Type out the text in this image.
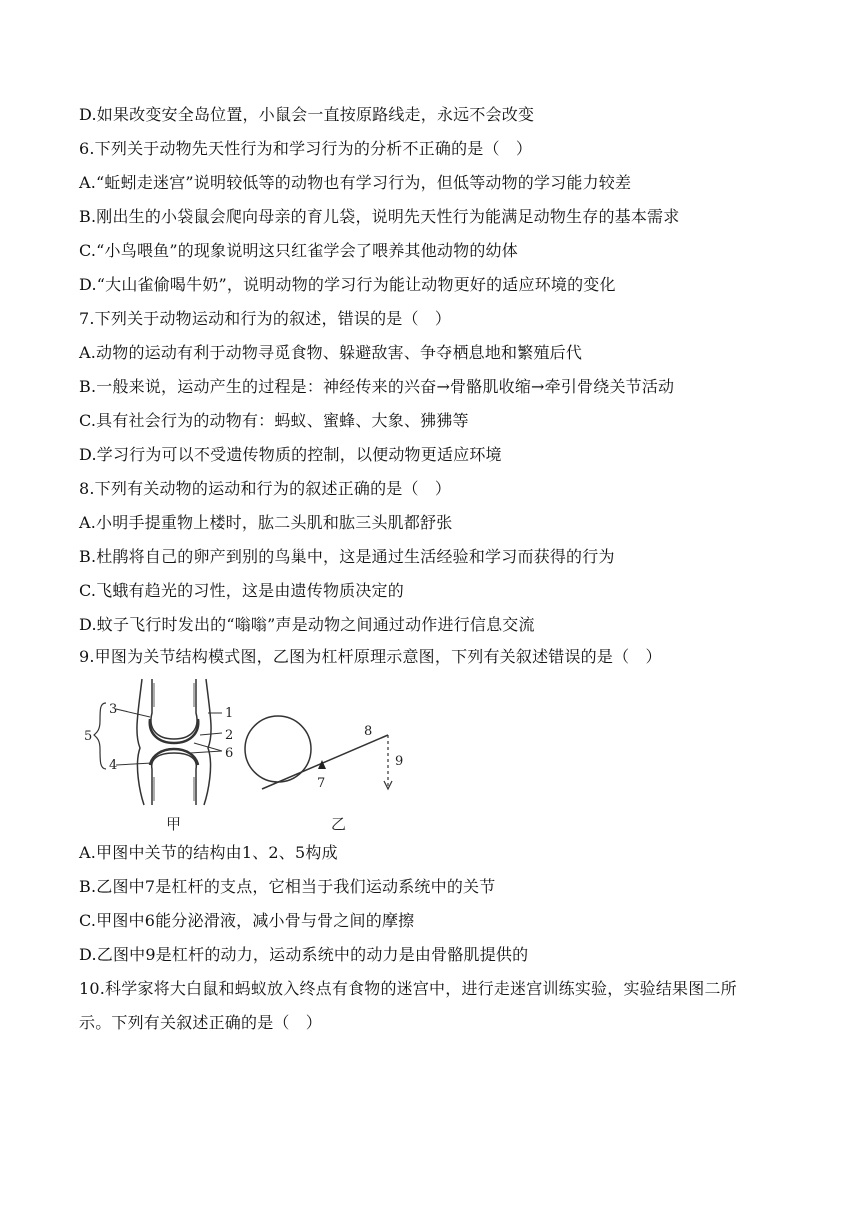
D.如果改变安全岛位置，小鼠会一直按原路线走，永远不会改变
6.下列关于动物先天性行为和学习行为的分析不正确的是（　）
A.“蚯蚓走迷宫”说明较低等的动物也有学习行为，但低等动物的学习能力较差
B.刚出生的小袋鼠会爬向母亲的育儿袋，说明先天性行为能满足动物生存的基本需求
C.“小鸟喂鱼”的现象说明这只红雀学会了喂养其他动物的幼体
D.“大山雀偷喝牛奶”，说明动物的学习行为能让动物更好的适应环境的变化
7.下列关于动物运动和行为的叙述，错误的是（　）
A.动物的运动有利于动物寻觅食物、躲避敌害、争夺栖息地和繁殖后代
B.一般来说，运动产生的过程是：神经传来的兴奋→骨骼肌收缩→牵引骨绕关节活动
C.具有社会行为的动物有：蚂蚁、蜜蜂、大象、狒狒等
D.学习行为可以不受遗传物质的控制，以便动物更适应环境
8.下列有关动物的运动和行为的叙述正确的是（　）
A.小明手提重物上楼时，肱二头肌和肱三头肌都舒张
B.杜鹃将自己的卵产到别的鸟巢中，这是通过生活经验和学习而获得的行为
C.飞蛾有趋光的习性，这是由遗传物质决定的
D.蚊子飞行时发出的“嗡嗡”声是动物之间通过动作进行信息交流
9.甲图为关节结构模式图，乙图为杠杆原理示意图，下列有关叙述错误的是（　）
3
4
5
1
2
6
甲
7
8
9
乙
A.甲图中关节的结构由1、2、5构成
B.乙图中7是杠杆的支点，它相当于我们运动系统中的关节
C.甲图中6能分泌滑液，减小骨与骨之间的摩擦
D.乙图中9是杠杆的动力，运动系统中的动力是由骨骼肌提供的
10.科学家将大白鼠和蚂蚁放入终点有食物的迷宫中，进行走迷宫训练实验，实验结果图二所
示。下列有关叙述正确的是（　）
